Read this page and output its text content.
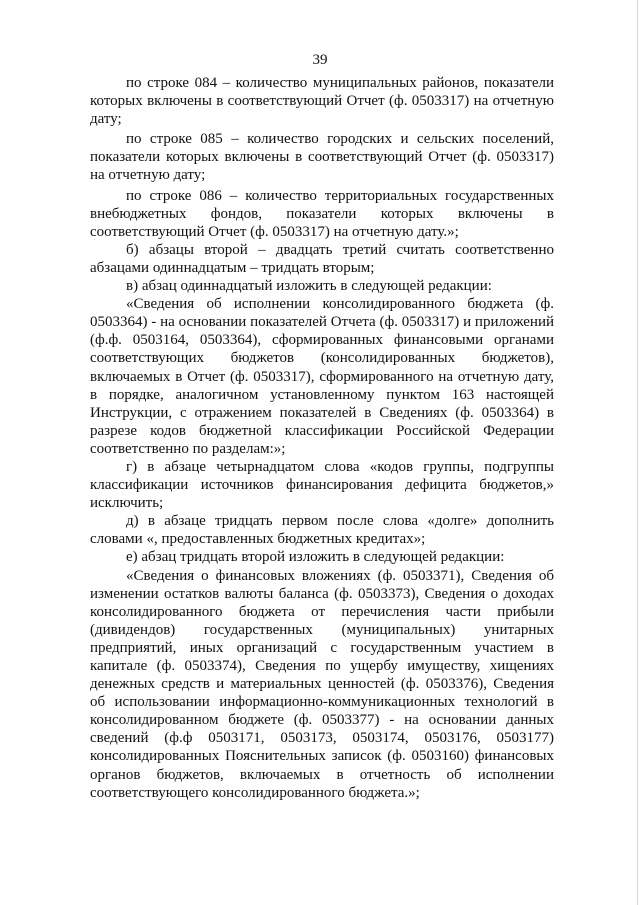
39

по строке 084 – количество муниципальных районов, показатели которых включены в соответствующий Отчет (ф. 0503317) на отчетную дату;

по строке 085 – количество городских и сельских поселений, показатели которых включены в соответствующий Отчет (ф. 0503317) на отчетную дату;

по строке 086 – количество территориальных государственных внебюджетных фондов, показатели которых включены в соответствующий Отчет (ф. 0503317) на отчетную дату.»;

б) абзацы второй – двадцать третий считать соответственно абзацами одиннадцатым – тридцать вторым;

в) абзац одиннадцатый изложить в следующей редакции:

«Сведения об исполнении консолидированного бюджета (ф. 0503364) - на основании показателей Отчета (ф. 0503317) и приложений (ф.ф. 0503164, 0503364), сформированных финансовыми органами соответствующих бюджетов (консолидированных бюджетов), включаемых в Отчет (ф. 0503317), сформированного на отчетную дату, в порядке, аналогичном установленному пунктом 163 настоящей Инструкции, с отражением показателей в Сведениях (ф. 0503364) в разрезе кодов бюджетной классификации Российской Федерации соответственно по разделам:»;

г) в абзаце четырнадцатом слова «кодов группы, подгруппы классификации источников финансирования дефицита бюджетов,» исключить;

д) в абзаце тридцать первом после слова «долге» дополнить словами «, предоставленных бюджетных кредитах»;

е) абзац тридцать второй изложить в следующей редакции:

«Сведения о финансовых вложениях (ф. 0503371), Сведения об изменении остатков валюты баланса (ф. 0503373), Сведения о доходах консолидированного бюджета от перечисления части прибыли (дивидендов) государственных (муниципальных) унитарных предприятий, иных организаций с государственным участием в капитале (ф. 0503374), Сведения по ущербу имуществу, хищениях денежных средств и материальных ценностей (ф. 0503376), Сведения об использовании информационно-коммуникационных технологий в консолидированном бюджете (ф. 0503377) - на основании данных сведений (ф.ф 0503171, 0503173, 0503174, 0503176, 0503177) консолидированных Пояснительных записок (ф. 0503160) финансовых органов бюджетов, включаемых в отчетность об исполнении соответствующего консолидированного бюджета.»;
